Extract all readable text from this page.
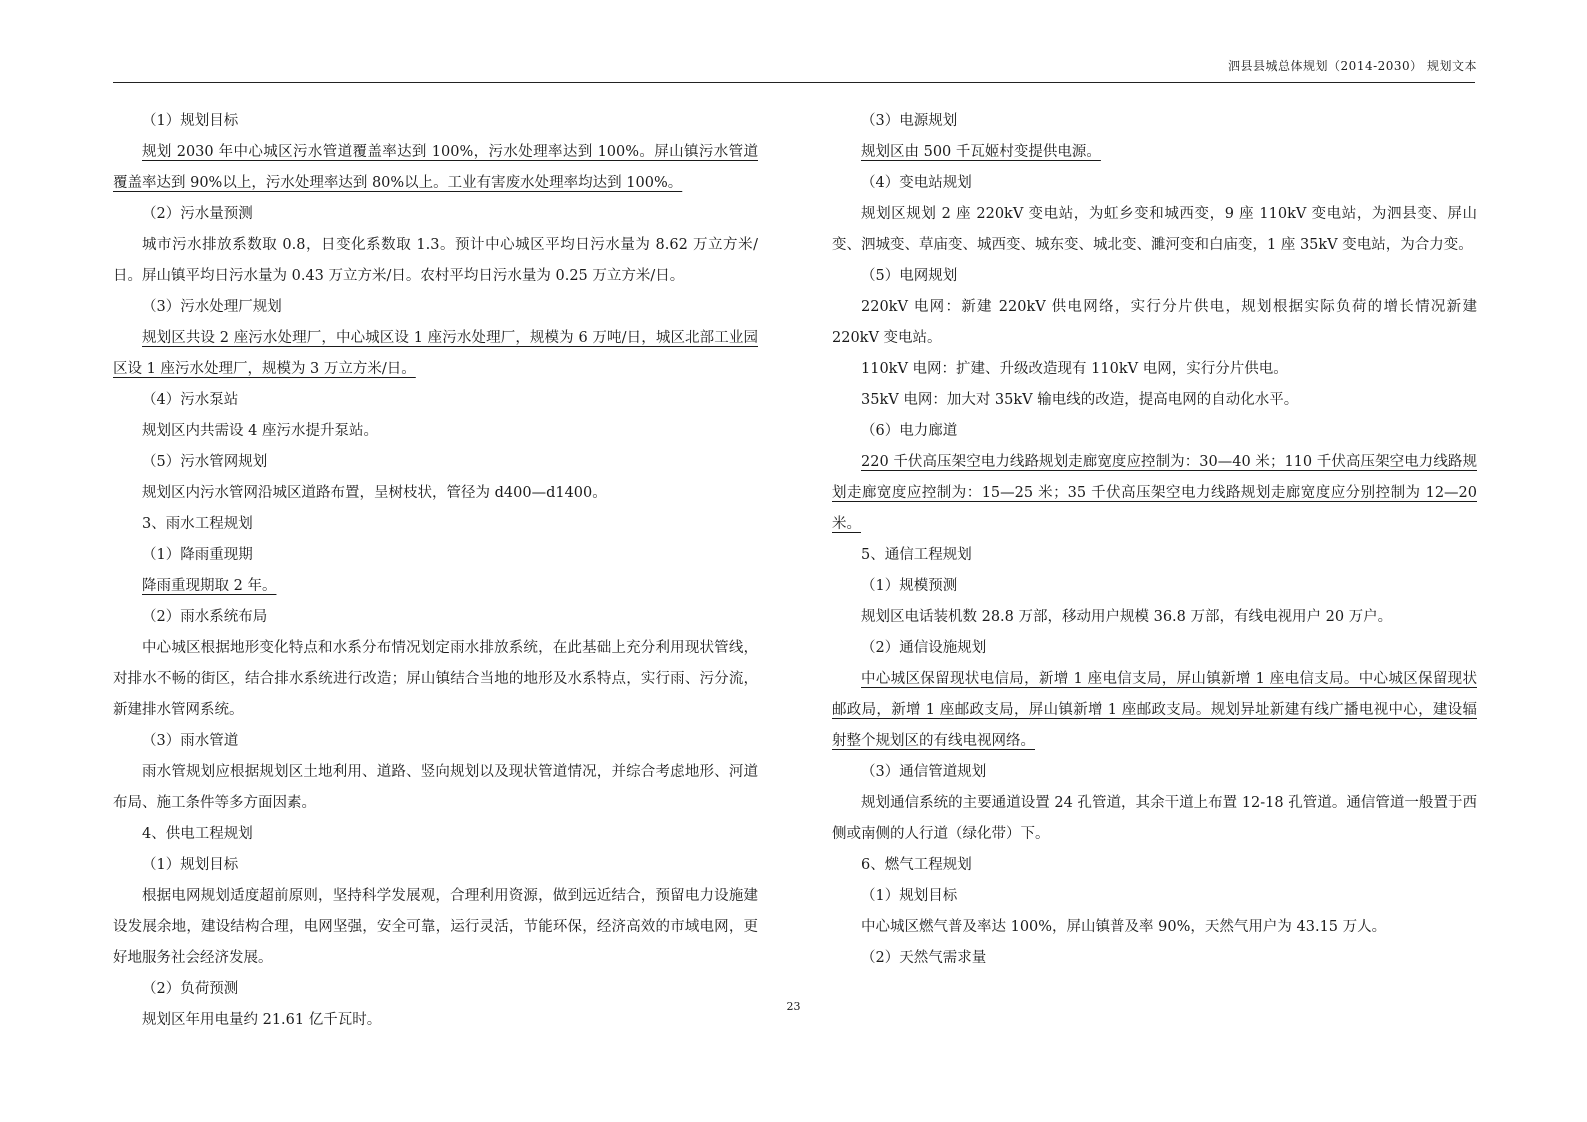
泗县县城总体规划（2014-2030） 规划文本

（1）规划目标

规划 2030 年中心城区污水管道覆盖率达到 100%，污水处理率达到 100%。屏山镇污水管道覆盖率达到 90%以上，污水处理率达到 80%以上。工业有害废水处理率均达到 100%。

（2）污水量预测

城市污水排放系数取 0.8，日变化系数取 1.3。预计中心城区平均日污水量为 8.62 万立方米/日。屏山镇平均日污水量为 0.43 万立方米/日。农村平均日污水量为 0.25 万立方米/日。

（3）污水处理厂规划

规划区共设 2 座污水处理厂，中心城区设 1 座污水处理厂，规模为 6 万吨/日，城区北部工业园区设 1 座污水处理厂，规模为 3 万立方米/日。

（4）污水泵站

规划区内共需设 4 座污水提升泵站。

（5）污水管网规划

规划区内污水管网沿城区道路布置，呈树枝状，管径为 d400—d1400。

3、雨水工程规划

（1）降雨重现期

降雨重现期取 2 年。

（2）雨水系统布局

中心城区根据地形变化特点和水系分布情况划定雨水排放系统，在此基础上充分利用现状管线，对排水不畅的街区，结合排水系统进行改造；屏山镇结合当地的地形及水系特点，实行雨、污分流，新建排水管网系统。

（3）雨水管道

雨水管规划应根据规划区土地利用、道路、竖向规划以及现状管道情况，并综合考虑地形、河道布局、施工条件等多方面因素。

4、供电工程规划

（1）规划目标

根据电网规划适度超前原则，坚持科学发展观，合理利用资源，做到远近结合，预留电力设施建设发展余地，建设结构合理，电网坚强，安全可靠，运行灵活，节能环保，经济高效的市域电网，更好地服务社会经济发展。

（2）负荷预测

规划区年用电量约 21.61 亿千瓦时。

（3）电源规划

规划区由 500 千瓦姬村变提供电源。

（4）变电站规划

规划区规划 2 座 220kV 变电站，为虹乡变和城西变，9 座 110kV 变电站，为泗县变、屏山变、泗城变、草庙变、城西变、城东变、城北变、濉河变和白庙变，1 座 35kV 变电站，为合力变。

（5）电网规划

220kV 电网：新建 220kV 供电网络，实行分片供电，规划根据实际负荷的增长情况新建 220kV 变电站。

110kV 电网：扩建、升级改造现有 110kV 电网，实行分片供电。

35kV 电网：加大对 35kV 输电线的改造，提高电网的自动化水平。

（6）电力廊道

220 千伏高压架空电力线路规划走廊宽度应控制为：30—40 米；110 千伏高压架空电力线路规划走廊宽度应控制为：15—25 米；35 千伏高压架空电力线路规划走廊宽度应分别控制为 12—20 米。

5、通信工程规划

（1）规模预测

规划区电话装机数 28.8 万部，移动用户规模 36.8 万部，有线电视用户 20 万户。

（2）通信设施规划

中心城区保留现状电信局，新增 1 座电信支局，屏山镇新增 1 座电信支局。中心城区保留现状邮政局，新增 1 座邮政支局，屏山镇新增 1 座邮政支局。规划异址新建有线广播电视中心，建设辐射整个规划区的有线电视网络。

（3）通信管道规划

规划通信系统的主要通道设置 24 孔管道，其余干道上布置 12-18 孔管道。通信管道一般置于西侧或南侧的人行道（绿化带）下。

6、燃气工程规划

（1）规划目标

中心城区燃气普及率达 100%，屏山镇普及率 90%，天然气用户为 43.15 万人。

（2）天然气需求量

23
